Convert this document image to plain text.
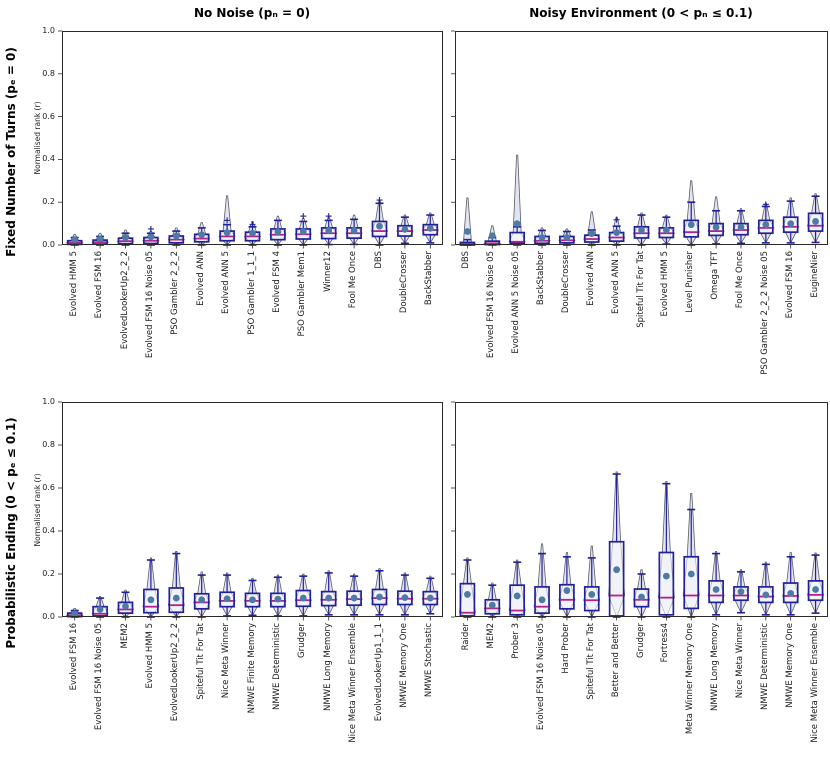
No Noise (pₙ = 0)	Noisy Environment (0 < pₙ ≤ 0.1)
Fixed Number of Turns (pₑ = 0)
Probabilistic Ending (0 < pₑ ≤ 0.1)
Normalised rank (r)
Normalised rank (r)
0.0
0.2
0.4
0.6
0.8
1.0
Evolved HMM 5 Evolved FSM 16 EvolvedLookerUp2_2_2 Evolved FSM 16 Noise 05 PSO Gambler 2_2_2 Evolved ANN Evolved ANN 5 PSO Gambler 1_1_1 Evolved FSM 4 PSO Gambler Mem1 Winner12 Fool Me Once DBS DoubleCrosser BackStabber	DBS Evolved FSM 16 Noise 05 Evolved ANN 5 Noise 05 BackStabber DoubleCrosser Evolved ANN Evolved ANN 5 Spiteful Tit For Tat Evolved HMM 5 Level Punisher Omega TFT Fool Me Once PSO Gambler 2_2_2 Noise 05 Evolved FSM 16 EugineNier
0.0
0.2
0.4
0.6
0.8
1.0
Evolved FSM 16 Evolved FSM 16 Noise 05 MEM2 Evolved HMM 5 EvolvedLookerUp2_2_2 Spiteful Tit For Tat Nice Meta Winner NMWE Finite Memory NMWE Deterministic Grudger NMWE Long Memory Nice Meta Winner Ensemble EvolvedLookerUp1_1_1 NMWE Memory One NMWE Stochastic	Raider MEM2 Prober 3 Evolved FSM 16 Noise 05 Hard Prober Spiteful Tit For Tat Better and Better Grudger Fortress4 Meta Winner Memory One NMWE Long Memory Nice Meta Winner NMWE Deterministic NMWE Memory One Nice Meta Winner Ensemble
